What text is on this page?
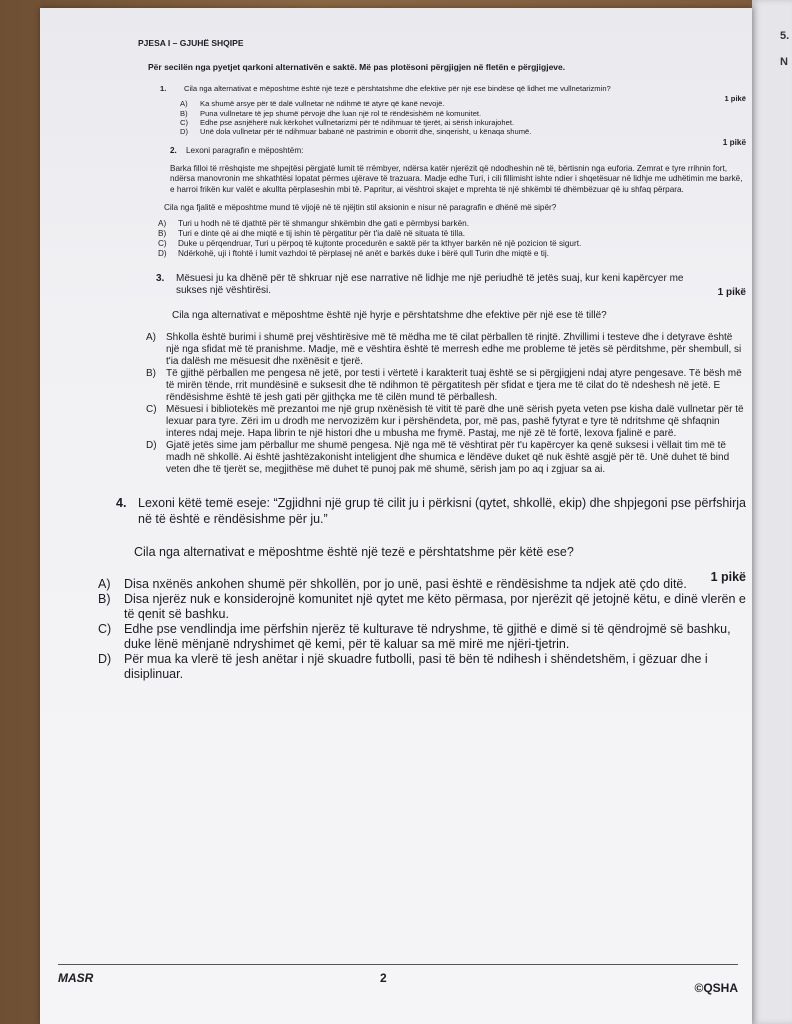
5.
N
PJESA I – GJUHË SHQIPE
Për secilën nga pyetjet qarkoni alternativën e saktë. Më pas plotësoni përgjigjen në fletën e përgjigjeve.
1. Cila nga alternativat e mëposhtme është një tezë e përshtatshme dhe efektive për një ese bindëse që lidhet me vullnetarizmin?
1 pikë
A)	Ka shumë arsye për të dalë vullnetar në ndihmë të atyre që kanë nevojë.
B)	Puna vullnetare të jep shumë përvojë dhe luan një rol të rëndësishëm në komunitet.
C)	Edhe pse asnjëherë nuk kërkohet vullnetarizmi për të ndihmuar të tjerët, ai sërish inkurajohet.
D)	Unë dola vullnetar për të ndihmuar babanë në pastrimin e oborrit dhe, sinqerisht, u kënaqa shumë.
2. Lexoni paragrafin e mëposhtëm:
1 pikë
Barka filloi të rrëshqiste me shpejtësi përgjatë lumit të rrëmbyer, ndërsa katër njerëzit që ndodheshin në të, bërtisnin nga euforia. Zemrat e tyre rrihnin fort, ndërsa manovronin me shkathtësi lopatat përmes ujërave të trazuara. Madje edhe Turi, i cili fillimisht ishte ndier i shqetësuar në lidhje me udhëtimin me barkë, e harroi frikën kur valët e akullta përplaseshin mbi të. Papritur, ai vështroi skajet e mprehta të një shkëmbi të dhëmbëzuar që iu shfaq përpara.
Cila nga fjalitë e mëposhtme mund të vijojë në të njëjtin stil aksionin e nisur në paragrafin e dhënë më sipër?
A)	Turi u hodh në të djathtë për të shmangur shkëmbin dhe gati e përmbysi barkën.
B)	Turi e dinte që ai dhe miqtë e tij ishin të përgatitur për t'ia dalë në situata të tilla.
C)	Duke u përqendruar, Turi u përpoq të kujtonte procedurën e saktë për ta kthyer barkën në një pozicion të sigurt.
D)	Ndërkohë, uji i ftohtë i lumit vazhdoi të përplasej në anët e barkës duke i bërë qull Turin dhe miqtë e tij.
3. Mësuesi ju ka dhënë për të shkruar një ese narrative në lidhje me një periudhë të jetës suaj, kur keni kapërcyer me sukses një vështirësi.	1 pikë
Cila nga alternativat e mëposhtme është një hyrje e përshtatshme dhe efektive për një ese të tillë?
A)	Shkolla është burimi i shumë prej vështirësive më të mëdha me të cilat përballen të rinjtë. Zhvillimi i testeve dhe i detyrave është një nga sfidat më të pranishme. Madje, më e vështira është të merresh edhe me probleme të jetës së përditshme, për shembull, si t'ia dalësh me mësuesit dhe nxënësit e tjerë.
B)	Të gjithë përballen me pengesa në jetë, por testi i vërtetë i karakterit tuaj është se si përgjigjeni ndaj atyre pengesave. Të bësh më të mirën tënde, rrit mundësinë e suksesit dhe të ndihmon të përgatitesh për sfidat e tjera me të cilat do të ndeshesh në jetë. E rëndësishme është të jesh gati për gjithçka me të cilën mund të përballesh.
C) Mësuesi i bibliotekës më prezantoi me një grup nxënësish të vitit të parë dhe unë sërish pyeta veten pse kisha dalë vullnetar për të lexuar para tyre. Zëri im u drodh me nervozizëm kur i përshëndeta, por, më pas, pashë fytyrat e tyre të ndritshme që shfaqnin interes ndaj meje. Hapa librin te një histori dhe u mbusha me frymë. Pastaj, me një zë të fortë, lexova fjalinë e parë.
D) Gjatë jetës sime jam përballur me shumë pengesa. Një nga më të vështirat për t'u kapërcyer ka qenë suksesi i vëllait tim më të madh në shkollë. Ai është jashtëzakonisht inteligjent dhe shumica e lëndëve duket që nuk është asgjë për të. Unë duhet të bind veten dhe të tjerët se, megjithëse më duhet të punoj pak më shumë, sërish jam po aq i zgjuar sa ai.
4. Lexoni këtë temë eseje: “Zgjidhni një grup të cilit ju i përkisni (qytet, shkollë, ekip) dhe shpjegoni pse përfshirja në të është e rëndësishme për ju.”
Cila nga alternativat e mëposhtme është një tezë e përshtatshme për këtë ese?
1 pikë
A)	Disa nxënës ankohen shumë për shkollën, por jo unë, pasi është e rëndësishme ta ndjek atë çdo ditë.
B)	Disa njerëz nuk e konsiderojnë komunitet një qytet me këto përmasa, por njerëzit që jetojnë këtu, e dinë vlerën e të qenit së bashku.
C)	Edhe pse vendlindja ime përfshin njerëz të kulturave të ndryshme, të gjithë e dimë si të qëndrojmë së bashku, duke lënë mënjanë ndryshimet që kemi, për të kaluar sa më mirë me njëri-tjetrin.
D)	Për mua ka vlerë të jesh anëtar i një skuadre futbolli, pasi të bën të ndihesh i shëndetshëm, i gëzuar dhe i disiplinuar.
MASR	2
©QSHA
